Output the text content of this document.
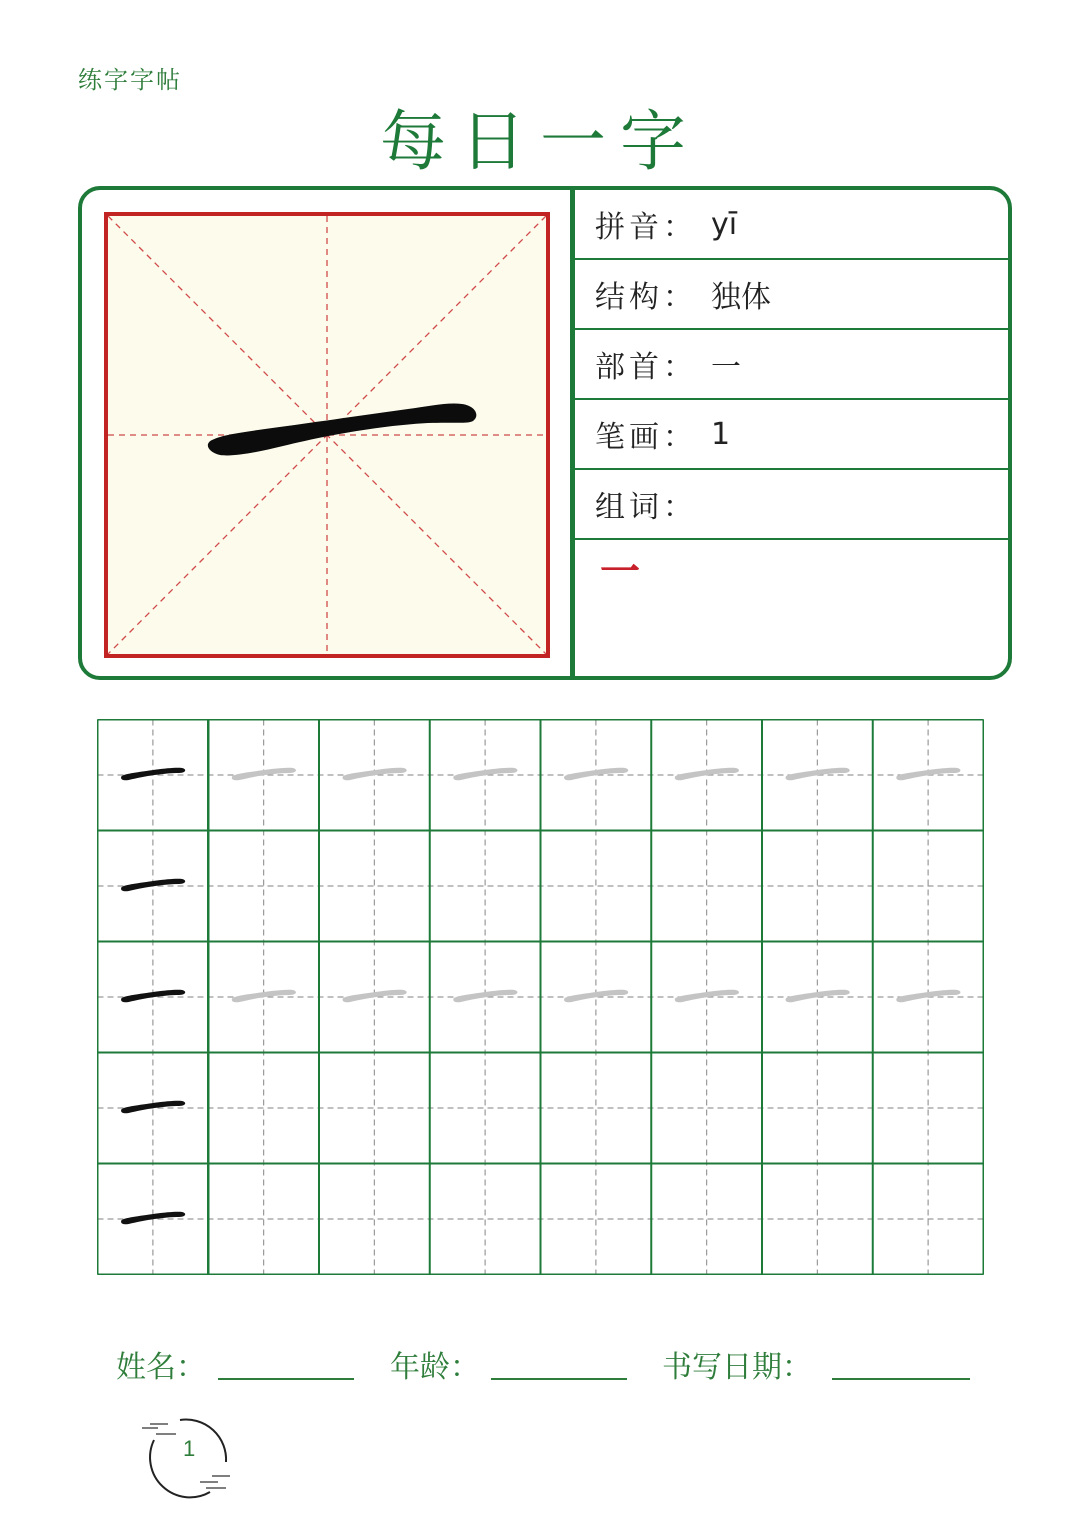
练字字帖
每日一字
拼音： yī
结构： 独体
部首： 一
笔画： 1
组词：
一
姓名：	年龄：	书写日期：
1
